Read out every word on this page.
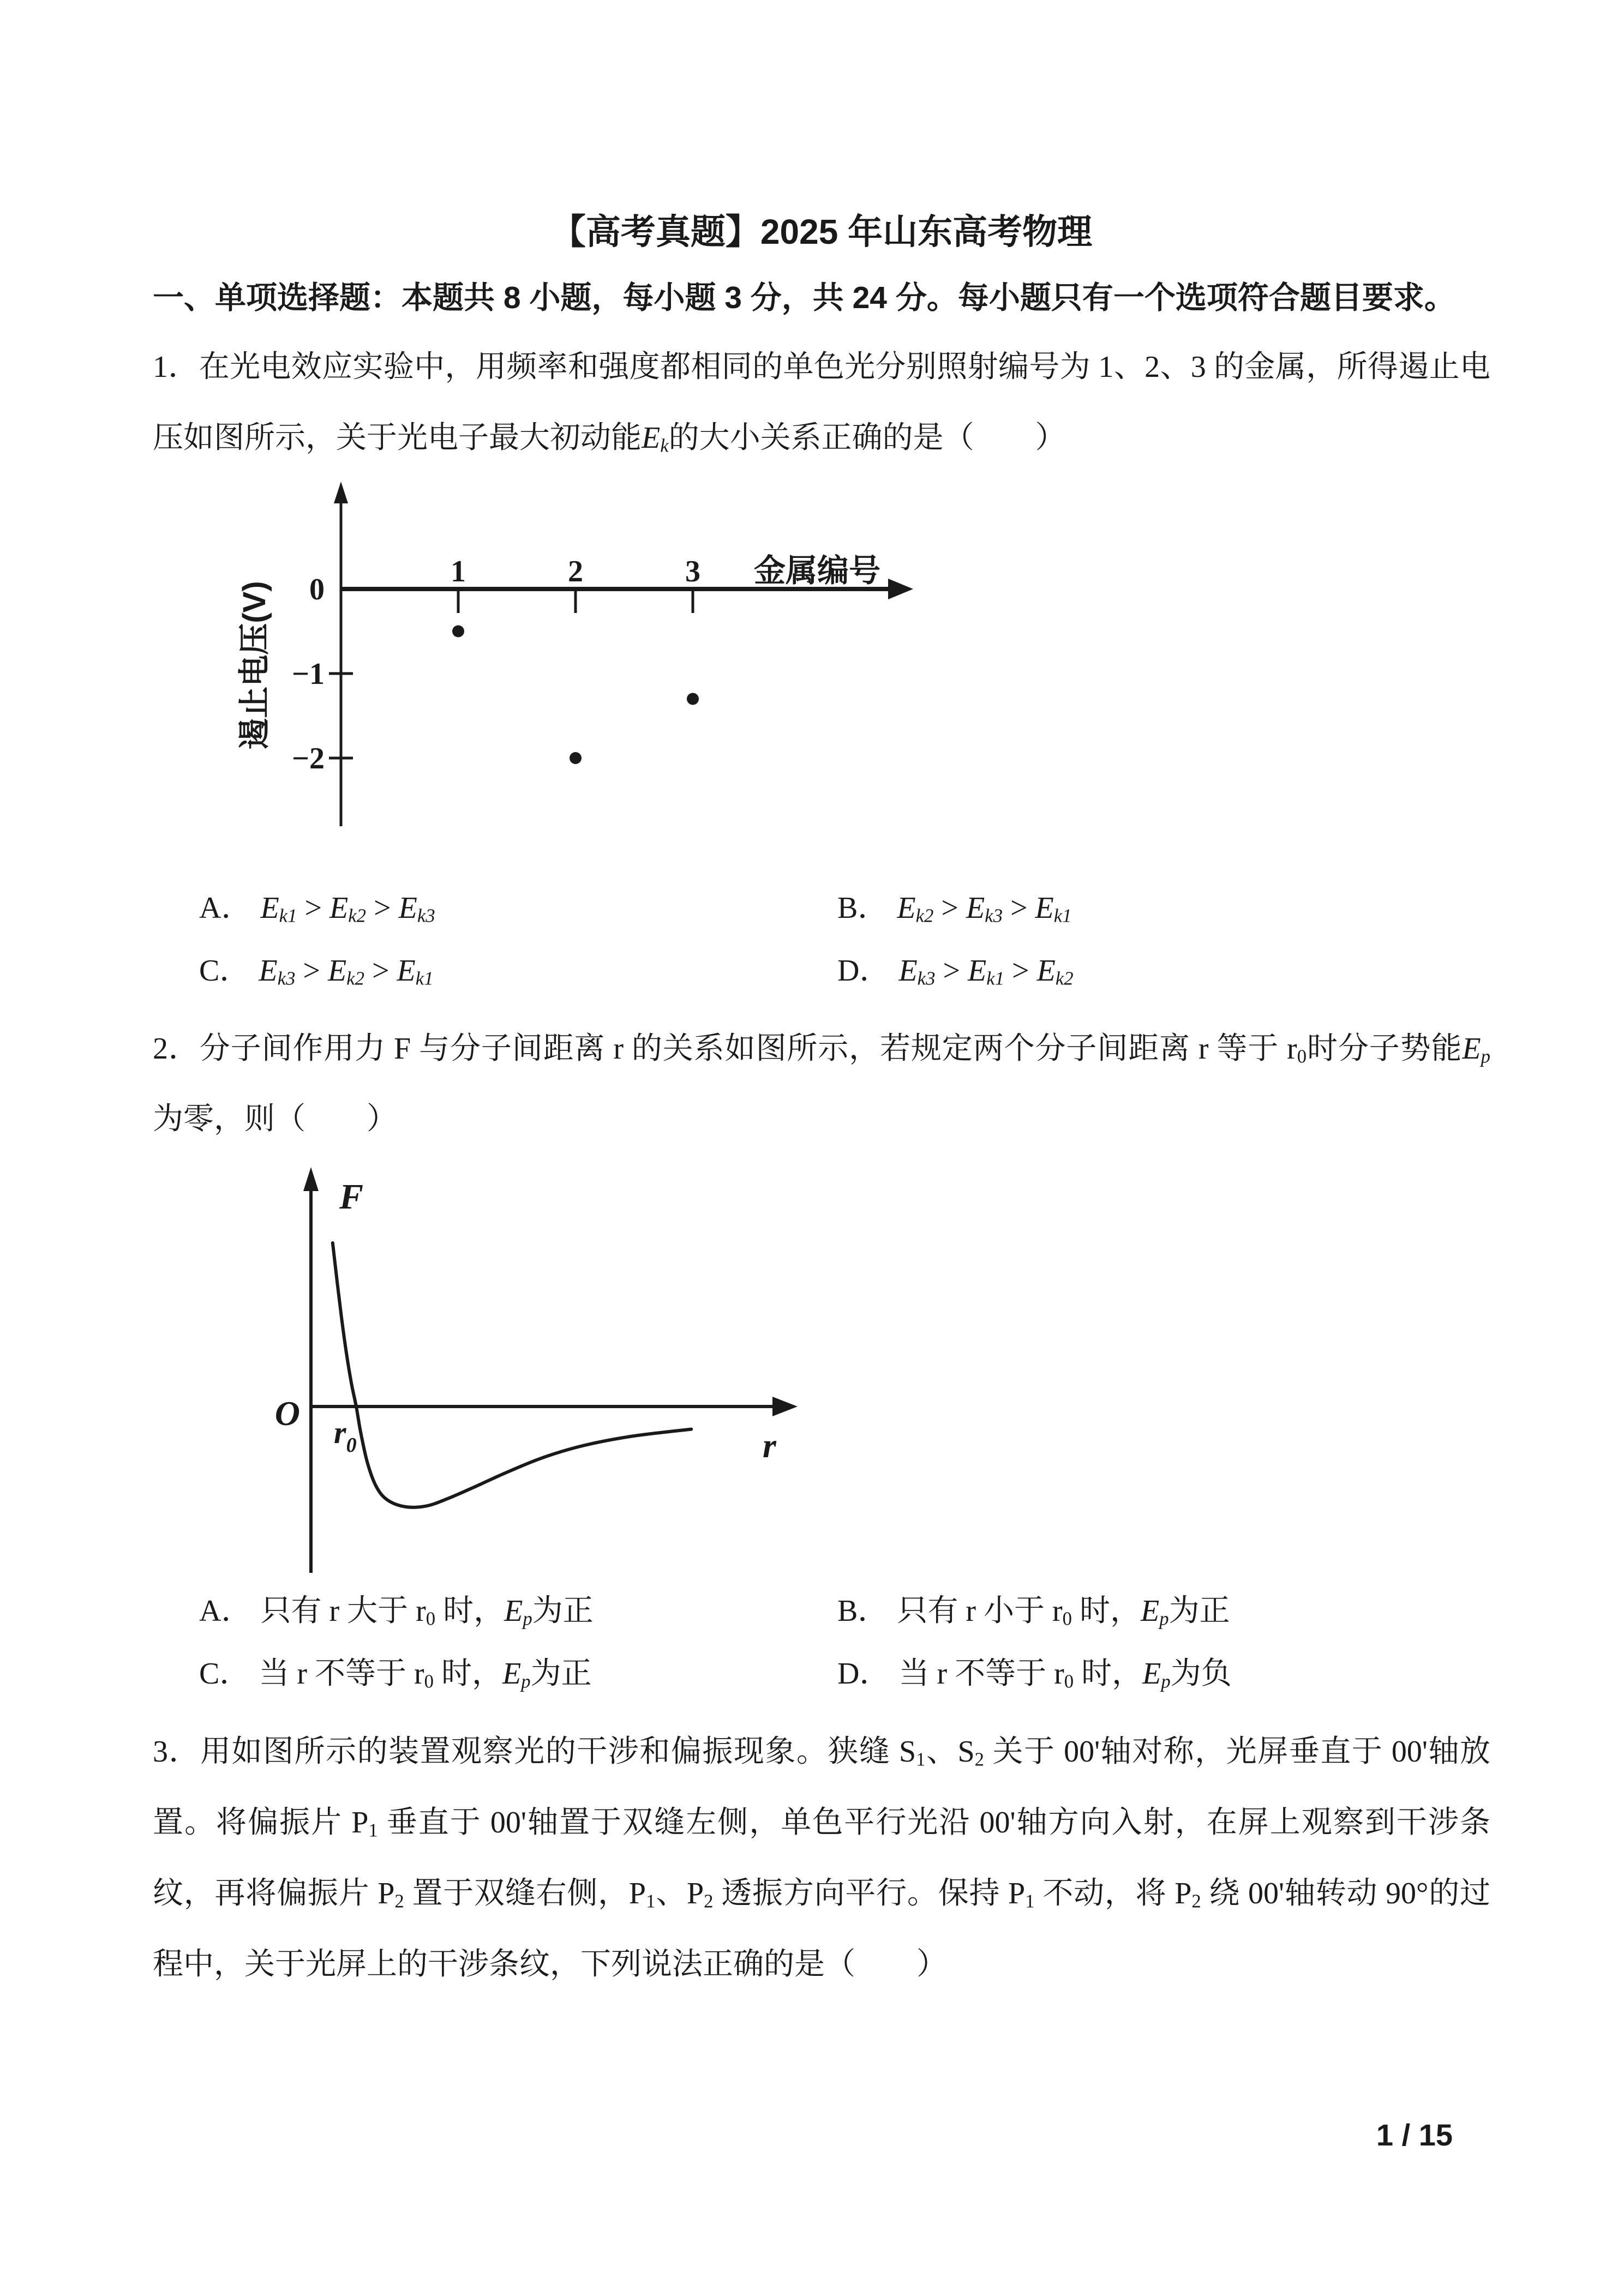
【高考真题】2025 年山东高考物理
一、单项选择题：本题共 8 小题，每小题 3 分，共 24 分。每小题只有一个选项符合题目要求。

1．在光电效应实验中，用频率和强度都相同的单色光分别照射编号为 1、2、3 的金属，所得遏止电压如图所示，关于光电子最大初动能Ek的大小关系正确的是（　　）

1	2	3
0
−1
−2
遏止电压(V)
金属编号
A． Ek1 > Ek2 > Ek3	B． Ek2 > Ek3 > Ek1
C． Ek3 > Ek2 > Ek1	D． Ek3 > Ek1 > Ek2

2．分子间作用力 F 与分子间距离 r 的关系如图所示，若规定两个分子间距离 r 等于 $r_0$时分子势能Ep为零，则（　　）

F
O $r_0$	r
A． 只有 r 大于 $r_0$ 时，Ep为正	B． 只有 r 小于 $r_0$ 时，Ep为正
C． 当 r 不等于 $r_0$ 时，Ep为正	D． 当 r 不等于 $r_0$ 时，Ep为负

3．用如图所示的装置观察光的干涉和偏振现象。狭缝 $S_1$、$S_2$ 关于 00'轴对称，光屏垂直于 00'轴放置。将偏振片 $P_1$ 垂直于 00'轴置于双缝左侧，单色平行光沿 00'轴方向入射，在屏上观察到干涉条纹，再将偏振片 $P_2$ 置于双缝右侧，$P_1$、$P_2$ 透振方向平行。保持 $P_1$ 不动，将 $P_2$ 绕 00'轴转动 90°的过程中，关于光屏上的干涉条纹，下列说法正确的是（　　）

1 / 15
